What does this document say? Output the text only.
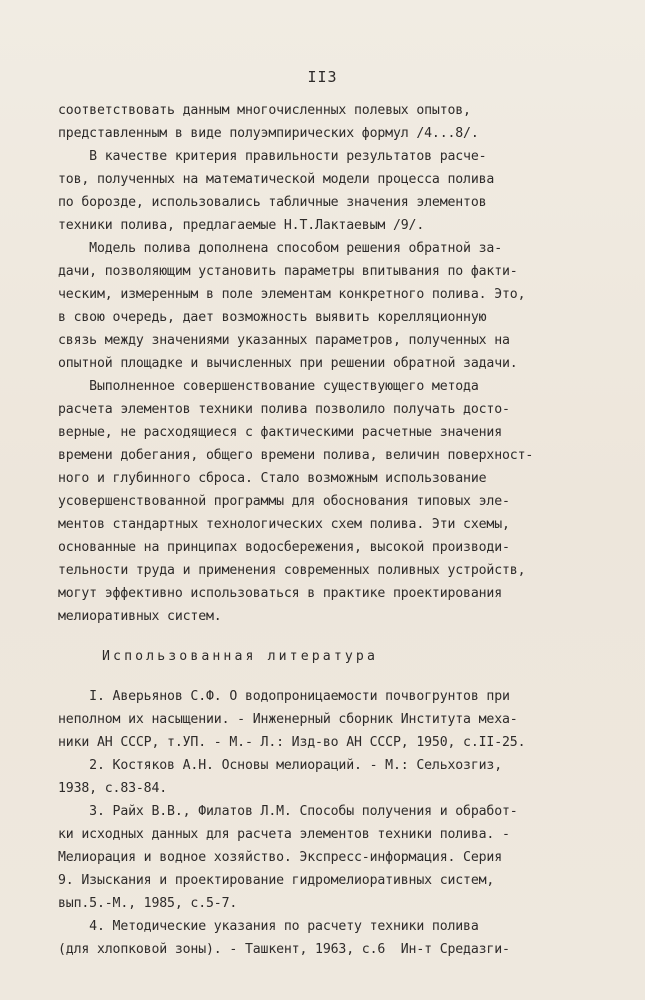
II3
соответствовать данным многочисленных полевых опытов,
представленным в виде полуэмпирических формул /4...8/.
В качестве критерия правильности результатов расче-
тов, полученных на математической модели процесса полива
по борозде, использовались табличные значения элементов
техники полива, предлагаемые Н.Т.Лактаевым /9/.
Модель полива дополнена способом решения обратной за-
дачи, позволяющим установить параметры впитывания по факти-
ческим, измеренным в поле элементам конкретного полива. Это,
в свою очередь, дает возможность выявить корелляционную
связь между значениями указанных параметров, полученных на
опытной площадке и вычисленных при решении обратной задачи.
Выполненное совершенствование существующего метода
расчета элементов техники полива позволило получать досто-
верные, не расходящиеся с фактическими расчетные значения
времени добегания, общего времени полива, величин поверхност-
ного и глубинного сброса. Стало возможным использование
усовершенствованной программы для обоснования типовых эле-
ментов стандартных технологических схем полива. Эти схемы,
основанные на принципах водосбережения, высокой производи-
тельности труда и применения современных поливных устройств,
могут эффективно использоваться в практике проектирования
мелиоративных систем.
Использованная литература
I. Аверьянов С.Ф. О водопроницаемости почвогрунтов при
неполном их насыщении. - Инженерный сборник Института меха-
ники АН СССР, т.УП. - М.- Л.: Изд-во АН СССР, 1950, с.II-25.
2. Костяков А.Н. Основы мелиораций. - М.: Сельхозгиз,
1938, с.83-84.
3. Райх В.В., Филатов Л.М. Способы получения и обработ-
ки исходных данных для расчета элементов техники полива. -
Мелиорация и водное хозяйство. Экспресс-информация. Серия
9. Изыскания и проектирование гидромелиоративных систем,
вып.5.-М., 1985, с.5-7.
4. Методические указания по расчету техники полива
(для хлопковой зоны). - Ташкент, 1963, с.6  Ин-т Средазги-
